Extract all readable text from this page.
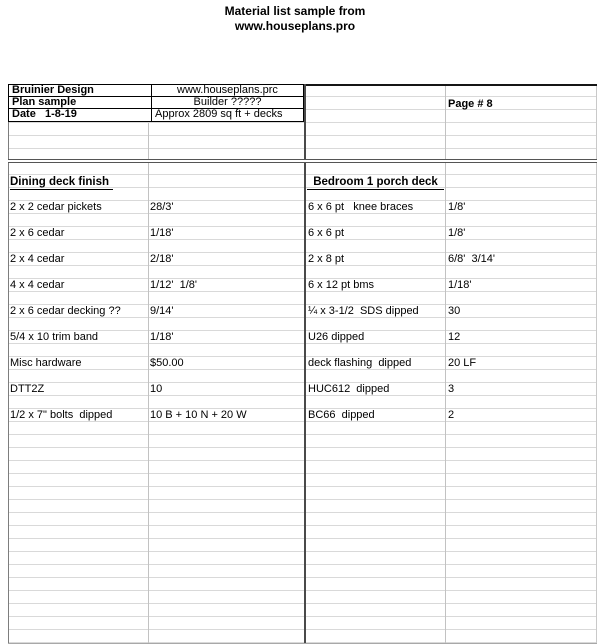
Material list sample from
www.houseplans.pro
Bruinier Design	www.houseplans.prc
Plan sample	Builder ?????
Date   1-8-19	Approx 2809 sq ft + decks
Page # 8
Dining deck finish	Bedroom 1 porch deck
2 x 2 cedar pickets	28/3'	6 x 6 pt   knee braces	1/8'
2 x 6 cedar	1/18'	6 x 6 pt	1/8'
2 x 4 cedar	2/18'	2 x 8 pt	6/8'  3/14'
4 x 4 cedar	1/12'  1/8'	6 x 12 pt bms	1/18'
2 x 6 cedar decking ??	9/14'	¼ x 3-1/2  SDS dipped	30
5/4 x 10 trim band	1/18'	U26 dipped	12
Misc hardware	$50.00	deck flashing  dipped	20 LF
DTT2Z	10	HUC612  dipped	3
1/2 x 7" bolts  dipped	10 B + 10 N + 20 W	BC66  dipped	2
